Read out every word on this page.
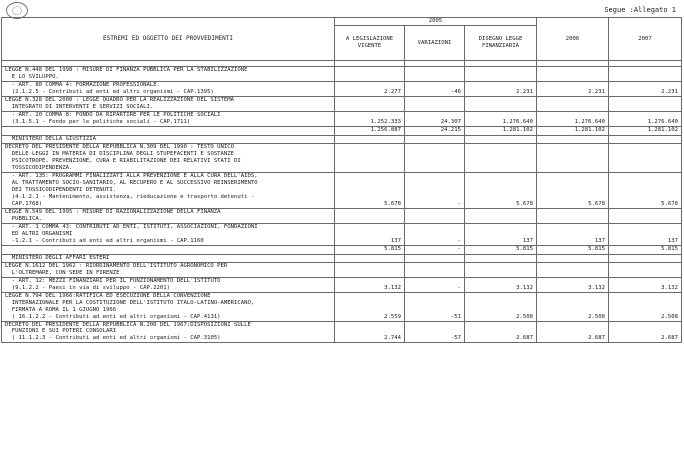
Segue :Allegato 1
ESTREMI ED OGGETTO DEI PROVVEDIMENTI	2005			2006	2007
	A LEGISLAZIONE VIGENTE	VARIAZIONI	DISEGNO LEGGE FINANZIARIA		

LEGGE N.448 DEL 1998 : MISURE DI FINANZA PUBBLICA PER LA STABILIZZAZIONE
E LO SVILUPPO.					
- ART. 80 COMMA 4: FORMAZIONE PROFESSIONALE.
(2.1.2.5 - Contributi ad enti ed altri organismi - CAP.1395)	2.277	-46	2.231	2.231	2.231
LEGGE N.328 DEL 2000 : LEGGE QUADRO PER LA REALIZZAZIONE DEL SISTEMA
INTEGRATO DI INTERVENTI E SERVIZI SOCIALI.					
- ART. 20 COMMA 8: FONDO DA RIPARTIRE PER LE POLITICHE SOCIALI
(3.1.5.1 - Fondo per le politiche sociali - CAP.1711)	1.252.333	24.307	1.276.640	1.276.640	1.276.640
	1.256.887	24.215	1.281.102	1.281.102	1.281.102
MINISTERO DELLA GIUSTIZIA					
DECRETO DEL PRESIDENTE DELLA REPUBBLICA N.309 DEL 1990 : TESTO UNICO
DELLE LEGGI IN MATERIA DI DISCIPLINA DEGLI STUPEFACENTI E SOSTANZE
PSICOTROPE, PREVENZIONE, CURA E RIABILITAZIONE DEI RELATIVI STATI DI
TOSSICODIPENDENZA.					
- ART. 135: PROGRAMMI FINALIZZATI ALLA PREVENZIONE E ALLA CURA DELL'AIDS,
AL TRATTAMENTO SOCIO-SANITARIO, AL RECUPERO E AL SUCCESSIVO REINSERIMENTO
DEI TOSSICODIPENDENTI DETENUTI.
(4.1.2.1 - Mantenimento, assistenza, rieducazione e trasporto detenuti -
CAP.1768)	5.678	-	5.678	5.678	5.678
LEGGE N.549 DEL 1995 : MISURE DI RAZIONALIZZAZIONE DELLA FINANZA
PUBBLICA.					
- ART. 1 COMMA 43: CONTRIBUTI AD ENTI, ISTITUTI, ASSOCIAZIONI, FONDAZIONI
ED ALTRI ORGANISMI
-1.2.1 - Contributi ad enti ed altri organismi - CAP.1160	137	-	137	137	137
	5.815	-	5.815	5.815	5.815
MINISTERO DEGLI AFFARI ESTERI					
LEGGE N.1612 DEL 1962 : RIORDINAMENTO DELL'ISTITUTO AGRONOMICO PER
L'OLTREMARE, CON SEDE IN FIRENZE					
- ART. 12: MEZZI FINANZIARI PER IL FUNZIONAMENTO DELL'ISTITUTO
(9.1.2.2 - Paesi in via di sviluppo - CAP.2201)	3.132	-	3.132	3.132	3.132
LEGGE N.794 DEL 1966:RATIFICA ED ESECUZIONE DELLA CONVENZIONE
INTERNAZIONALE PER LA COSTITUZIONE DELL'ISTITUTO ITALO-LATINO-AMERICANO,
FIRMATA A ROMA IL 1 GIUGNO 1966
( 16.1.2.2 - Contributi ad enti ed altri organismi - CAP.4131)	2.559	-51	2.508	2.508	2.508
DECRETO DEL PRESIDENTE DELLA REPUBBLICA N.200 DEL 1967:DISPOSIZIONI SULLE
FUNZIONI E SUI POTERI CONSOLARI
( 11.1.2.3 - Contributi ad enti ed altri organismi - CAP.3105)	2.744	-57	2.687	2.687	2.687
